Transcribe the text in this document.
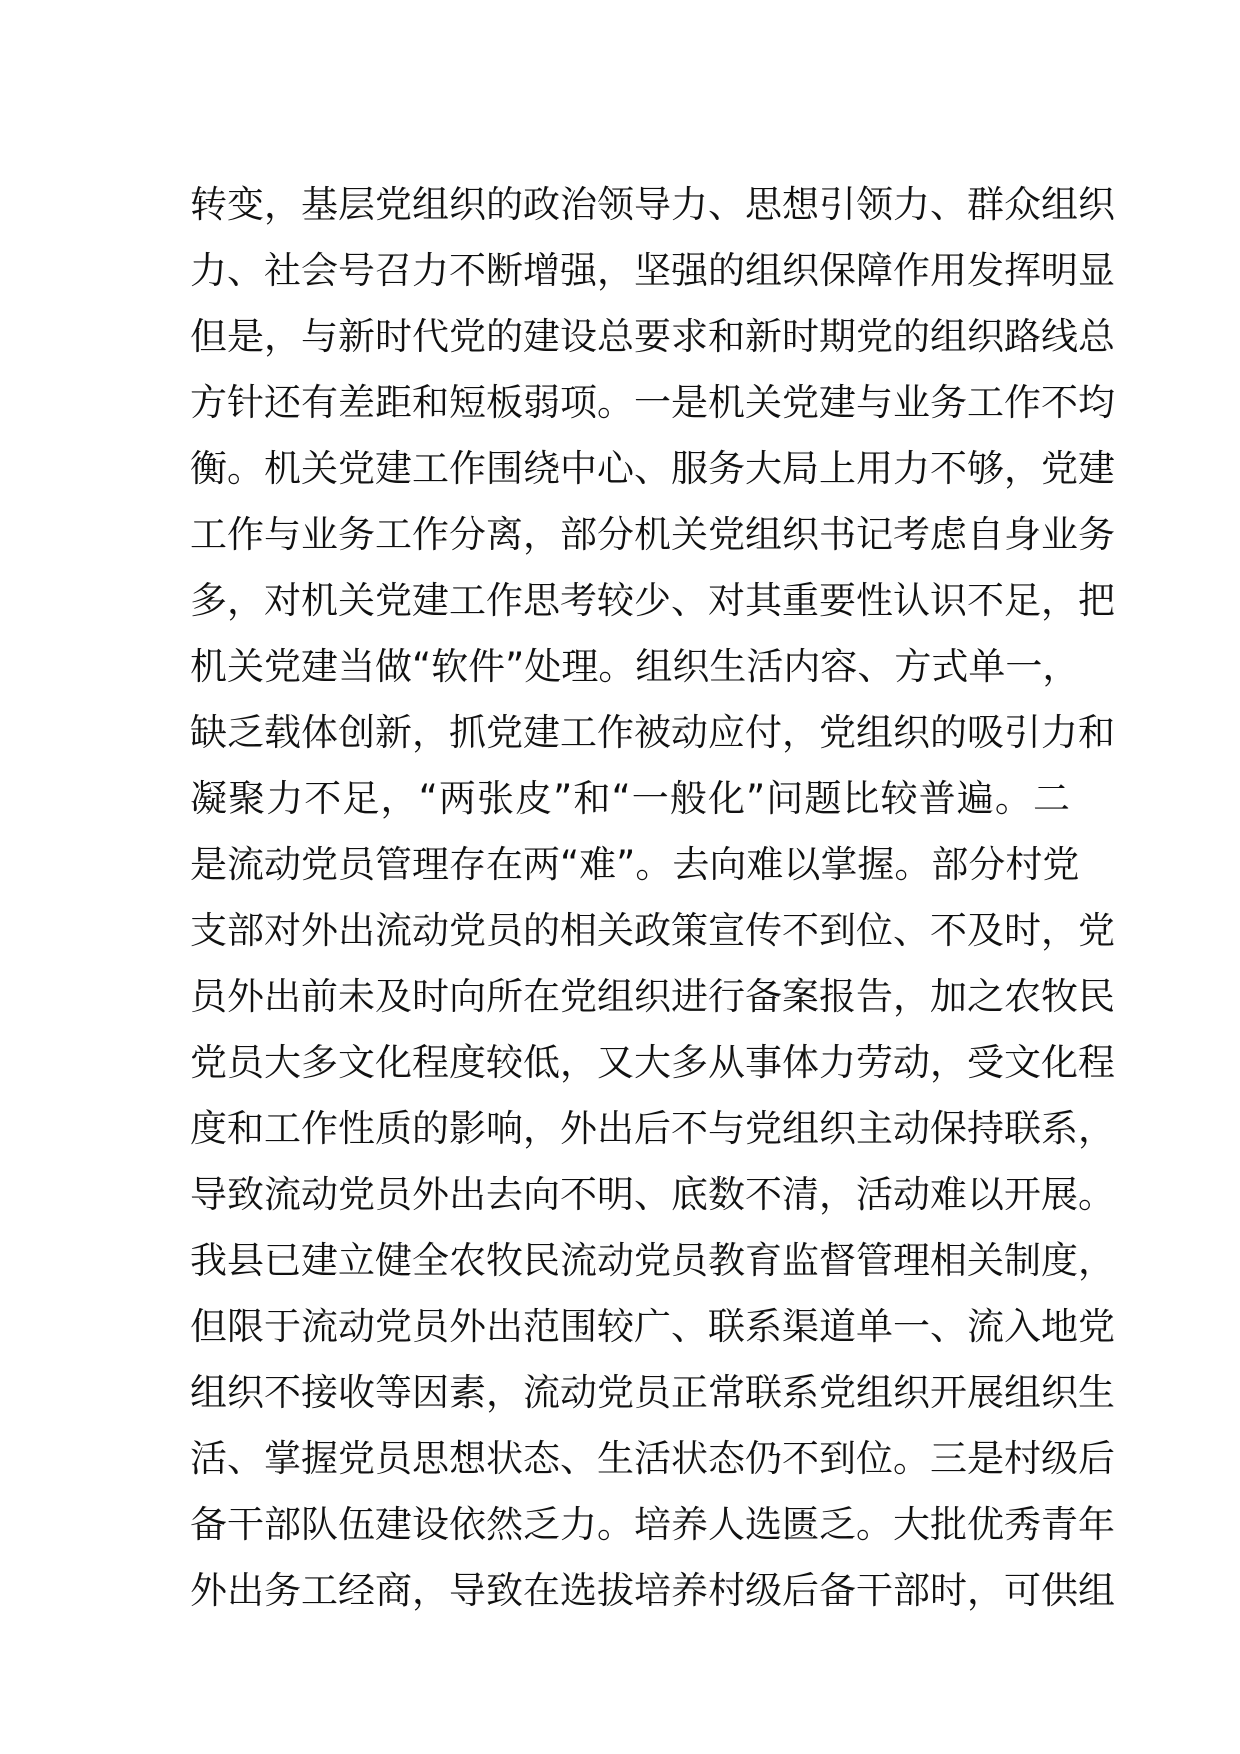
转变，基层党组织的政治领导力、思想引领力、群众组织
力、社会号召力不断增强，坚强的组织保障作用发挥明显
但是，与新时代党的建设总要求和新时期党的组织路线总
方针还有差距和短板弱项。一是机关党建与业务工作不均
衡。机关党建工作围绕中心、服务大局上用力不够，党建
工作与业务工作分离，部分机关党组织书记考虑自身业务
多，对机关党建工作思考较少、对其重要性认识不足，把
机关党建当做“软件”处理。组织生活内容、方式单一，
缺乏载体创新，抓党建工作被动应付，党组织的吸引力和
凝聚力不足，“两张皮”和“一般化”问题比较普遍。二
是流动党员管理存在两“难”。去向难以掌握。部分村党
支部对外出流动党员的相关政策宣传不到位、不及时，党
员外出前未及时向所在党组织进行备案报告，加之农牧民
党员大多文化程度较低，又大多从事体力劳动，受文化程
度和工作性质的影响，外出后不与党组织主动保持联系，
导致流动党员外出去向不明、底数不清，活动难以开展。
我县已建立健全农牧民流动党员教育监督管理相关制度，
但限于流动党员外出范围较广、联系渠道单一、流入地党
组织不接收等因素，流动党员正常联系党组织开展组织生
活、掌握党员思想状态、生活状态仍不到位。三是村级后
备干部队伍建设依然乏力。培养人选匮乏。大批优秀青年
外出务工经商，导致在选拔培养村级后备干部时，可供组
